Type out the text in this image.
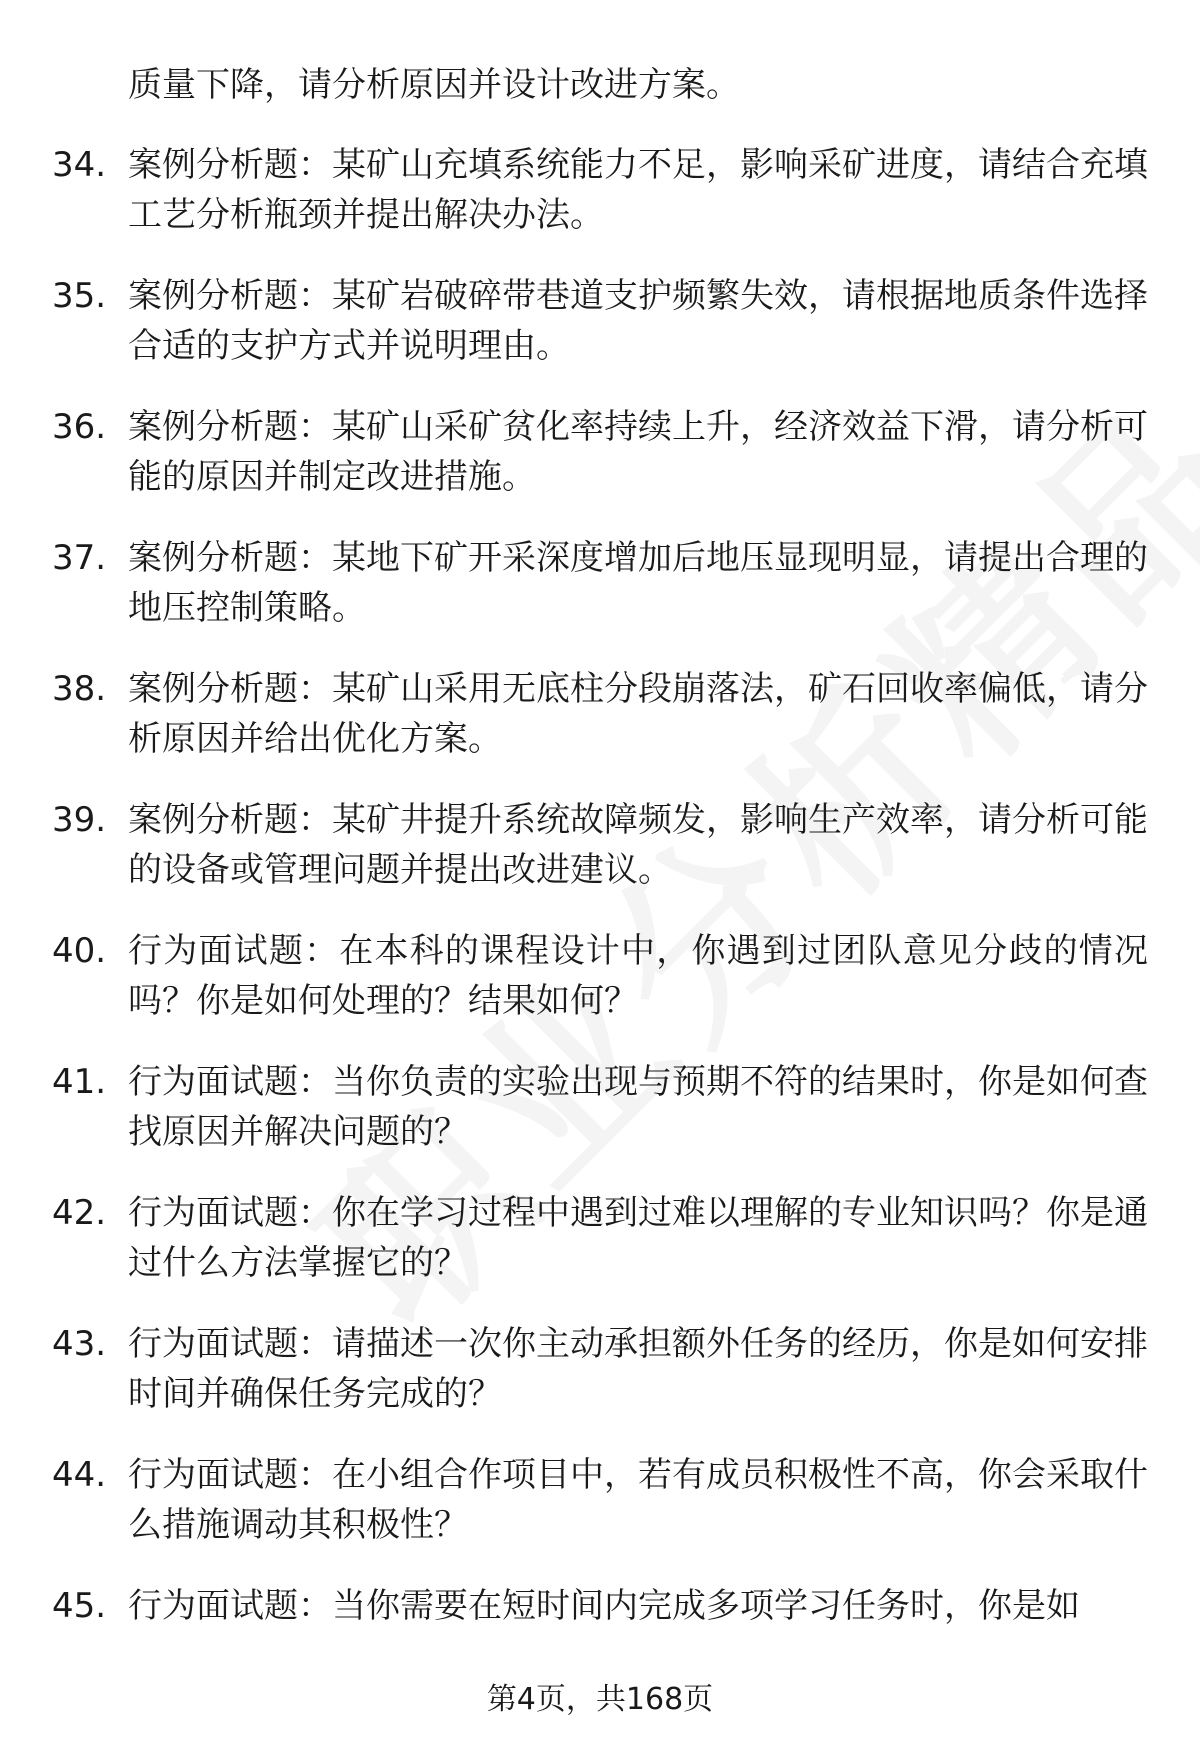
质量下降，请分析原因并设计改进方案。

34. 案例分析题：某矿山充填系统能力不足，影响采矿进度，请结合充填工艺分析瓶颈并提出解决办法。
35. 案例分析题：某矿岩破碎带巷道支护频繁失效，请根据地质条件选择合适的支护方式并说明理由。
36. 案例分析题：某矿山采矿贫化率持续上升，经济效益下滑，请分析可能的原因并制定改进措施。
37. 案例分析题：某地下矿开采深度增加后地压显现明显，请提出合理的地压控制策略。
38. 案例分析题：某矿山采用无底柱分段崩落法，矿石回收率偏低，请分析原因并给出优化方案。
39. 案例分析题：某矿井提升系统故障频发，影响生产效率，请分析可能的设备或管理问题并提出改进建议。
40. 行为面试题：在本科的课程设计中，你遇到过团队意见分歧的情况吗？你是如何处理的？结果如何？
41. 行为面试题：当你负责的实验出现与预期不符的结果时，你是如何查找原因并解决问题的？
42. 行为面试题：你在学习过程中遇到过难以理解的专业知识吗？你是通过什么方法掌握它的？
43. 行为面试题：请描述一次你主动承担额外任务的经历，你是如何安排时间并确保任务完成的？
44. 行为面试题：在小组合作项目中，若有成员积极性不高，你会采取什么措施调动其积极性？
45. 行为面试题：当你需要在短时间内完成多项学习任务时，你是如
第4页，共168页
